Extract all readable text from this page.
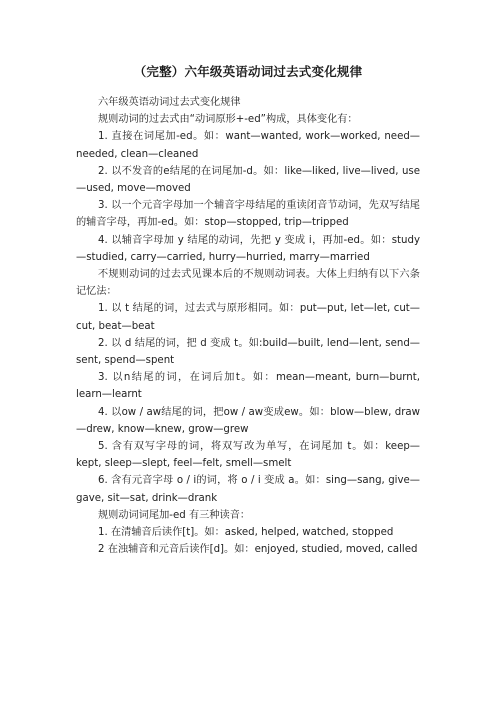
（完整）六年级英语动词过去式变化规律

六年级英语动词过去式变化规律

规则动词的过去式由“动词原形+-ed”构成，具体变化有：

1. 直接在词尾加-ed。如：want—wanted, work—worked, need—needed, clean—cleaned

2. 以不发音的e结尾的在词尾加-d。如：like—liked, live—lived, use—used, move—moved

3. 以一个元音字母加一个辅音字母结尾的重读闭音节动词，先双写结尾的辅音字母，再加-ed。如：stop—stopped, trip—tripped

4. 以辅音字母加 y 结尾的动词，先把 y 变成 i，再加-ed。如：study—studied, carry—carried, hurry—hurried, marry—married

不规则动词的过去式见课本后的不规则动词表。大体上归纳有以下六条记忆法：

1. 以 t 结尾的词，过去式与原形相同。如：put—put, let—let, cut—cut, beat—beat

2. 以 d 结尾的词，把 d 变成 t。如:build—built, lend—lent, send—sent, spend—spent

3. 以n结尾的词，在词后加t。如：mean—meant, burn—burnt, learn—learnt

4. 以ow / aw结尾的词，把ow / aw变成ew。如：blow—blew, draw—drew, know—knew, grow—grew

5. 含有双写字母的词，将双写改为单写，在词尾加 t。如：keep—kept, sleep—slept, feel—felt, smell—smelt

6. 含有元音字母 o / i的词，将 o / i 变成 a。如：sing—sang, give—gave, sit—sat, drink—drank

规则动词词尾加-ed 有三种读音：

1. 在清辅音后读作[t]。如：asked, helped, watched, stopped

2 在浊辅音和元音后读作[d]。如：enjoyed, studied, moved, called
